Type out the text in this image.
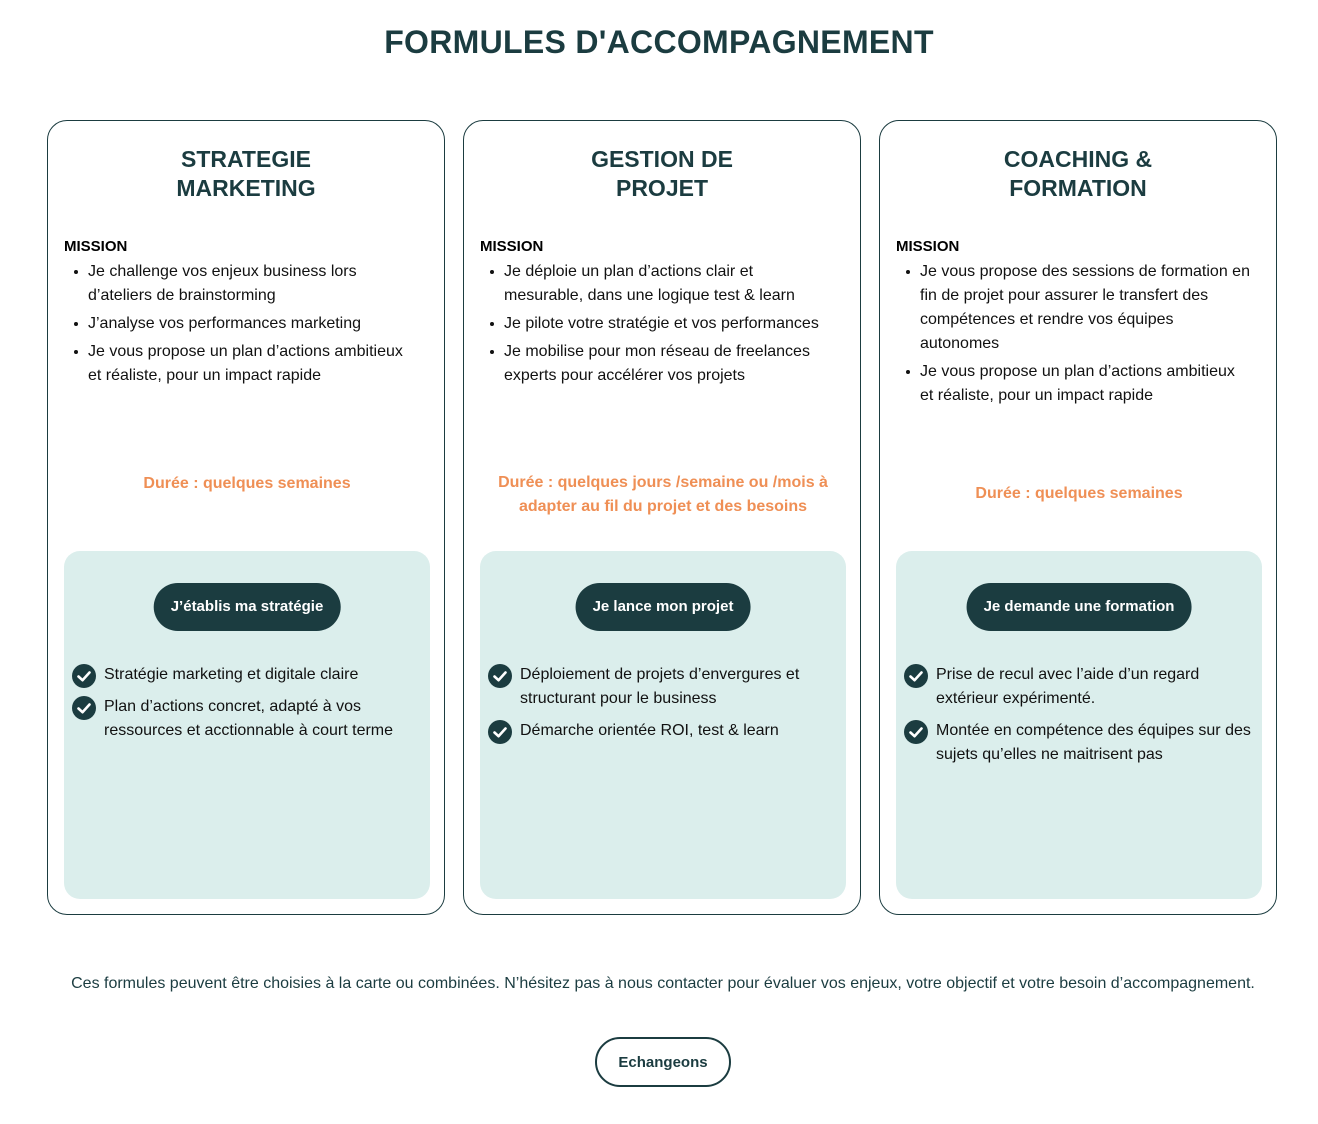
FORMULES D'ACCOMPAGNEMENT
STRATEGIE
MARKETING
MISSION
Je challenge vos enjeux business lors d’ateliers de brainstorming
J’analyse vos performances marketing
Je vous propose un plan d’actions ambitieux et réaliste, pour un impact rapide

Durée : quelques semaines

J’établis ma stratégie
Stratégie marketing et digitale claire
Plan d’actions concret, adapté à vos ressources et acctionnable à court terme
GESTION DE
PROJET
MISSION
Je déploie un plan d’actions clair et mesurable, dans une logique test & learn
Je pilote votre stratégie et vos performances
Je mobilise pour mon réseau de freelances experts pour accélérer vos projets

Durée : quelques jours /semaine ou /mois à adapter au fil du projet et des besoins

Je lance mon projet
Déploiement de projets d’envergures et structurant pour le business
Démarche orientée ROI, test & learn
COACHING &
FORMATION
MISSION
Je vous propose des sessions de formation en fin de projet pour assurer le transfert des compétences et rendre vos équipes autonomes
Je vous propose un plan d’actions ambitieux et réaliste, pour un impact rapide

Durée : quelques semaines

Je demande une formation
Prise de recul avec l’aide d’un regard extérieur expérimenté.
Montée en compétence des équipes sur des sujets qu’elles ne maitrisent pas

Ces formules peuvent être choisies à la carte ou combinées. N’hésitez pas à nous contacter pour évaluer vos enjeux, votre objectif et votre besoin d’accompagnement.

Echangeons
